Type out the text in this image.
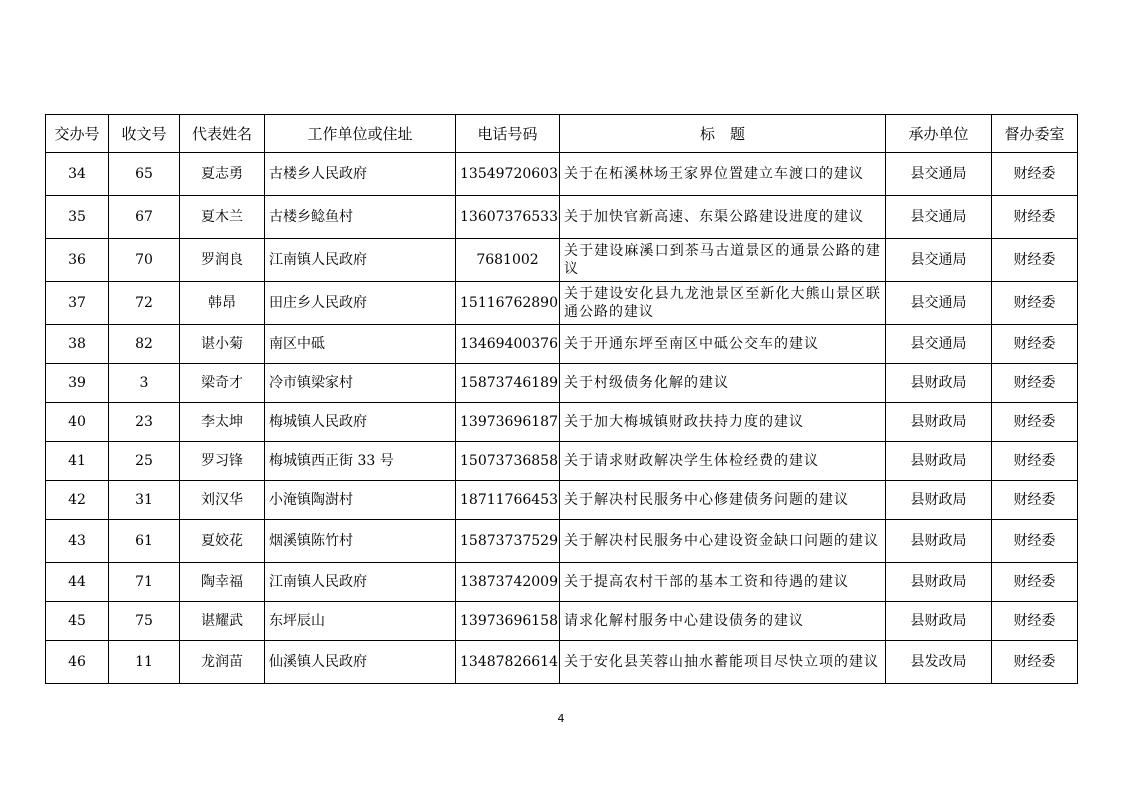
交办号	收文号	代表姓名	工作单位或住址	电话号码	标　题	承办单位	督办委室
34	65	夏志勇	古楼乡人民政府	13549720603	关于在柘溪林场王家界位置建立车渡口的建议	县交通局	财经委
35	67	夏木兰	古楼乡鲶鱼村	13607376533	关于加快官新高速、东渠公路建设进度的建议	县交通局	财经委
36	70	罗润良	江南镇人民政府	7681002	关于建设麻溪口到茶马古道景区的通景公路的建议	县交通局	财经委
37	72	韩昂	田庄乡人民政府	15116762890	关于建设安化县九龙池景区至新化大熊山景区联通公路的建议	县交通局	财经委
38	82	谌小菊	南区中砥	13469400376	关于开通东坪至南区中砥公交车的建议	县交通局	财经委
39	3	梁奇才	冷市镇梁家村	15873746189	关于村级债务化解的建议	县财政局	财经委
40	23	李太坤	梅城镇人民政府	13973696187	关于加大梅城镇财政扶持力度的建议	县财政局	财经委
41	25	罗习锋	梅城镇西正街 33 号	15073736858	关于请求财政解决学生体检经费的建议	县财政局	财经委
42	31	刘汉华	小淹镇陶澍村	18711766453	关于解决村民服务中心修建债务问题的建议	县财政局	财经委
43	61	夏姣花	烟溪镇陈竹村	15873737529	关于解决村民服务中心建设资金缺口问题的建议	县财政局	财经委
44	71	陶幸福	江南镇人民政府	13873742009	关于提高农村干部的基本工资和待遇的建议	县财政局	财经委
45	75	谌耀武	东坪辰山	13973696158	请求化解村服务中心建设债务的建议	县财政局	财经委
46	11	龙润苗	仙溪镇人民政府	13487826614	关于安化县芙蓉山抽水蓄能项目尽快立项的建议	县发改局	财经委
4
